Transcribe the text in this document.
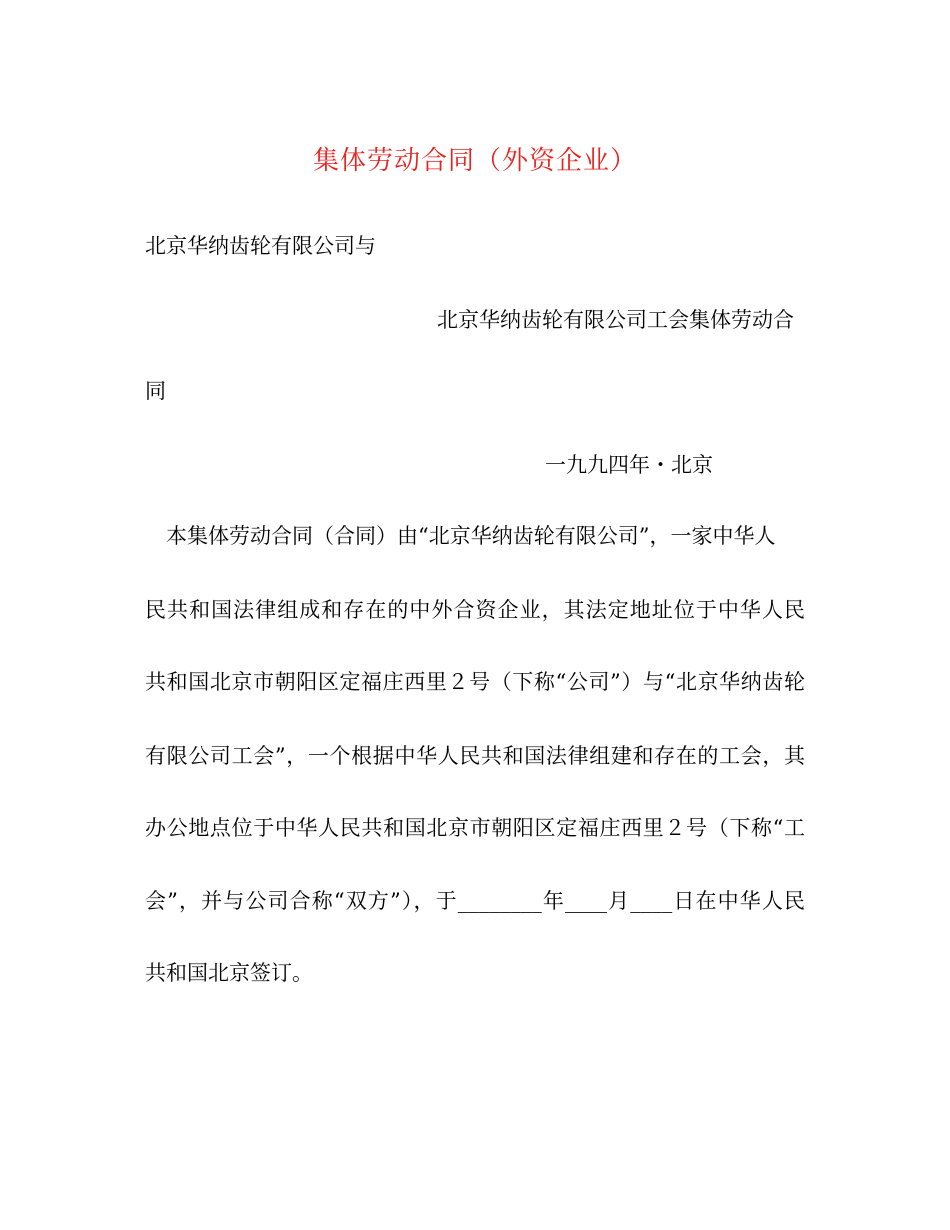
集体劳动合同（外资企业）
北京华纳齿轮有限公司与
北京华纳齿轮有限公司工会集体劳动合
同
一九九四年・北京
本集体劳动合同（合同）由“北京华纳齿轮有限公司”，一家中华人
民共和国法律组成和存在的中外合资企业，其法定地址位于中华人民
共和国北京市朝阳区定福庄西里２号（下称“公司”）与“北京华纳齿轮
有限公司工会”，一个根据中华人民共和国法律组建和存在的工会，其
办公地点位于中华人民共和国北京市朝阳区定福庄西里２号（下称“工
会”，并与公司合称“双方”），于________年____月____日在中华人民
共和国北京签订。
